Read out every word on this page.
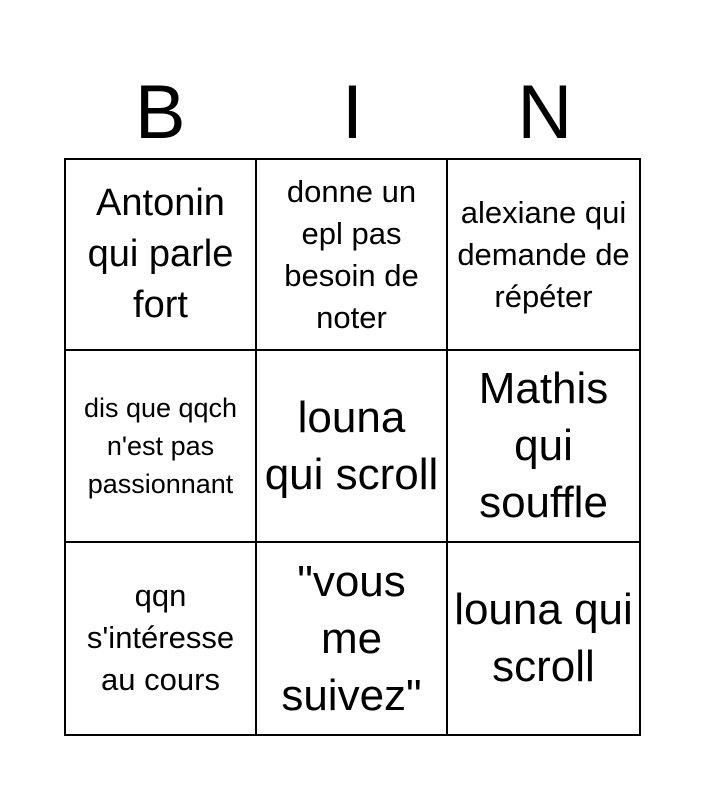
B	I	N
Antonin qui parle fort
donne un epl pas besoin de noter
alexiane qui demande de répéter
dis que qqch n'est pas passionnant
louna qui scroll
Mathis qui souffle
qqn s'intéresse au cours
"vous me suivez"
louna qui scroll
